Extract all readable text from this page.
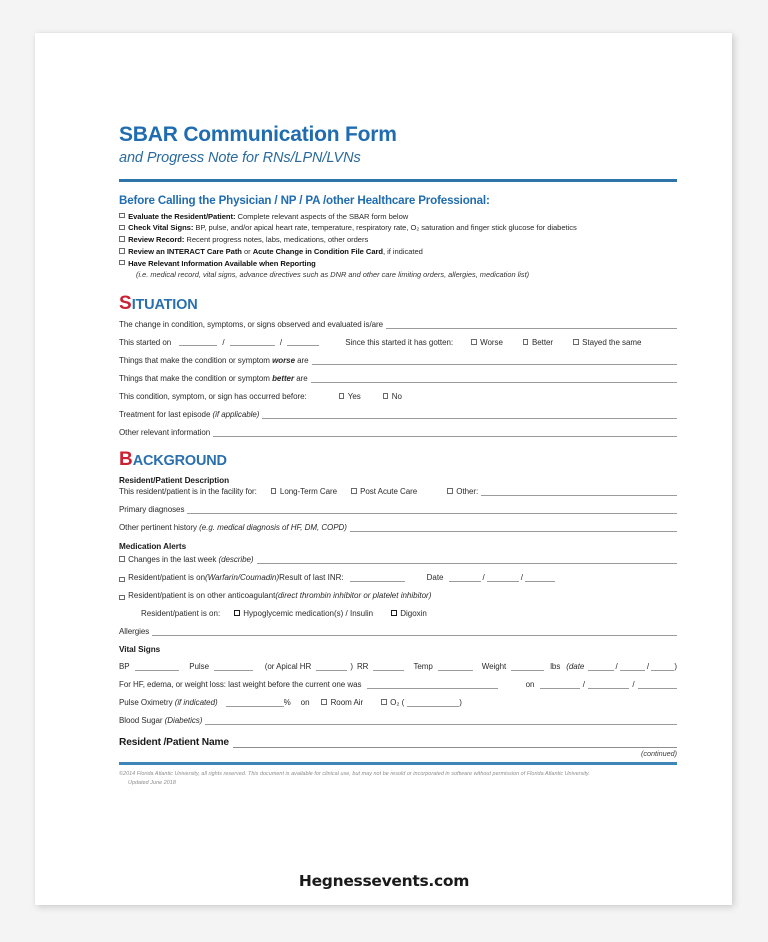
SBAR Communication Form

and Progress Note for RNs/LPN/LVNs

Before Calling the Physician / NP / PA /other Healthcare Professional:
Evaluate the Resident/Patient: Complete relevant aspects of the SBAR form below
Check Vital Signs: BP, pulse, and/or apical heart rate, temperature, respiratory rate, O₂ saturation and finger stick glucose for diabetics
Review Record: Recent progress notes, labs, medications, other orders
Review an INTERACT Care Path or Acute Change in Condition File Card, if indicated
Have Relevant Information Available when Reporting
(i.e. medical record, vital signs, advance directives such as DNR and other care limiting orders, allergies, medication list)
SITUATION
The change in condition, symptoms, or signs observed and evaluated is/are
This started on	/	/	Since this started it has gotten:	Worse	Better	Stayed the same
Things that make the condition or symptom worse are
Things that make the condition or symptom better are
This condition, symptom, or sign has occurred before:	Yes	No
Treatment for last episode (if applicable)
Other relevant information
BACKGROUND
Resident/Patient Description
This resident/patient is in the facility for:	Long-Term Care	Post Acute Care	Other:
Primary diagnoses
Other pertinent history (e.g. medical diagnosis of HF, DM, COPD)
Medication Alerts
Changes in the last week (describe)
Resident/patient is on (Warfarin/Coumadin) Result of last INR:	Date	/	/
Resident/patient is on other anticoagulant (direct thrombin inhibitor or platelet inhibitor)
Resident/patient is on:	Hypoglycemic medication(s) / Insulin	Digoxin
Allergies
Vital Signs
BP	Pulse	(or Apical HR	) RR	Temp	Weight	lbs (date	/	/	)
For HF, edema, or weight loss: last weight before the current one was	on	/	/
Pulse Oximetry (if indicated)	% on	Room Air	O₂ (	)
Blood Sugar (Diabetics)
Resident /Patient Name
(continued)
©2014 Florida Atlantic University, all rights reserved. This document is available for clinical use, but may not be resold or incorporated in software without permission of Florida Atlantic University.
Updated June 2018
Hegnessevents.com
